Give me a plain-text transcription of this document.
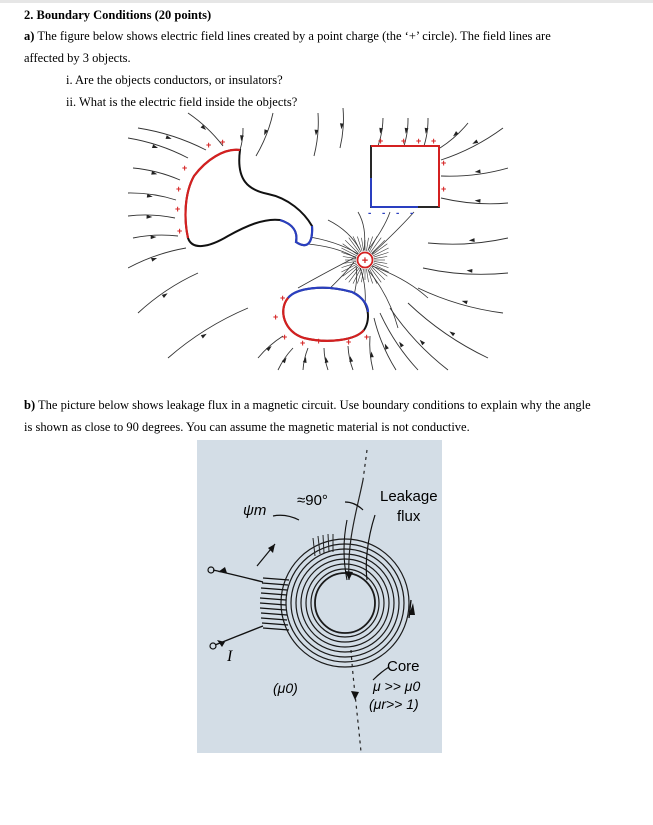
2. Boundary Conditions (20 points)
a) The figure below shows electric field lines created by a point charge (the ‘+’ circle). The field lines are
affected by 3 objects.
i. Are the objects conductors, or insulators?
ii. What is the electric field inside the objects?
+ +
+
+
+
+
+ + + +
+
+
+
+
+
+ +	+ +
- - - -
+
b) The picture below shows leakage flux in a magnetic circuit. Use boundary conditions to explain why the angle
is shown as close to 90 degrees. You can assume the magnetic material is not conductive.
ψm
≈90°	Leakage
flux
I
(μ0)
Core
μ >> μ0
(μr>> 1)
